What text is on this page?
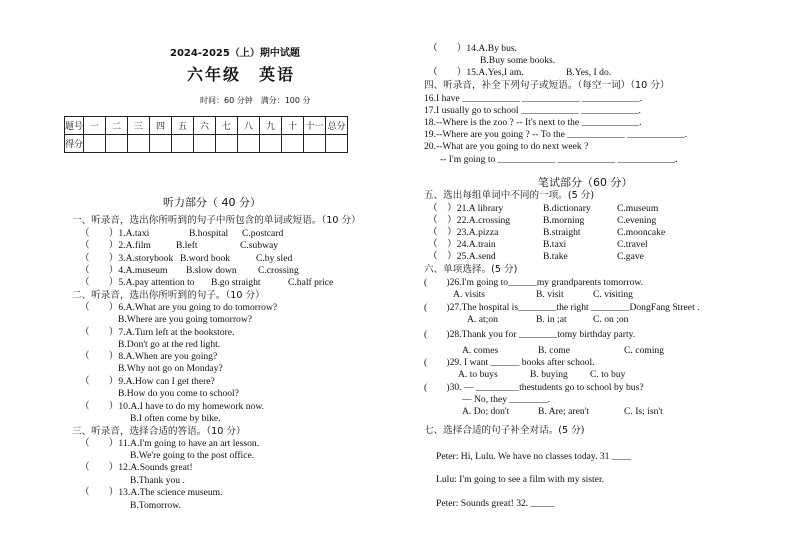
2024-2025（上）期中试题
六年级　英语
时间：60 分钟　满分：100 分
题号	一	二	三	四	五	六	七	八	九	十	十一	总分
得分												
听力部分（ 40 分）
一、听录音，选出你所听到的句子中所包含的单词或短语。（10 分）
（　　）1.A.taxi	B.hospital C.postcard
（　　）2.A.film	B.left	C.subway
（　　）3.A.storybook B.word book	C.by sled
（　　）4.A.museum B.slow down C.crossing
（　　）5.A.pay attention to B.go straight	C.half price
二、听录音，选出你所听到的句子。（10 分）
（　　）6.A.What are you going to do tomorrow?
B.Where are you going tomorrow?
（　　）7.A.Turn left at the bookstore.
B.Don't go at the red light.
（　　）8.A.When are you going?
B.Why not go on Monday?
（　　）9.A.How can I get there?
B.How do you come to school?
（　　）10.A.I have to do my homework now.
B.I often come by bike.
三、听录音，选择合适的答语。（10 分）
（　　）11.A.I'm going to have an art lesson.
B.We're going to the post office.
（　　）12.A.Sounds great!
B.Thank you .
（　　）13.A.The science museum.
B.Tomorrow.
（　　）14.A.By bus.
B.Buy some books.
（　　）15.A.Yes,I am.	B.Yes, I do.
四、听录音，补全下列句子或短语。（每空一词）（10 分）
16.I have ____________ ____________ ____________.
17.I usually go to school ____________ ____________.
18.--Where is the zoo ? -- It's next to the ____________.
19.--Where are you going ? -- To the ____________ ____________.
20.--What are you going to do next week ?
-- I'm going to ____________ ____________ ____________.
笔试部分（60 分）
五、选出每组单词中不同的一项。(5 分)
（　）21.A library	B.dictionary	C.museum
（　）22.A.crossing	B.morning	C.evening
（　）23.A.pizza	B.straight	C.mooncake
（　）24.A.train	B.taxi	C.travel
（　）25.A.send	B.take	C.gave
六、单项选择。(5 分)
(　　)26.I'm going to______my grandparents tomorrow.
A. visits	B. visit	C. visiting
(　　)27.The hospital is________the right ________DongFang Street .
A. at;on	B. in ;at	C. on ;on
(　　)28.Thank you for ________tomy birthday party.
A. comes	B. come	C. coming
(　　)29. I want ______ books after school.
A. to buys	B. buying C. to buy
(　　)30. — _________thestudents go to school by bus?
— No, they ________.
A. Do; don't	B. Are; aren't	C. Is; isn't
七、选择合适的句子补全对话。(5 分)
Peter: Hi, Lulu. We have no classes today. 31 ____
Lulu: I'm going to see a film with my sister.
Peter: Sounds great! 32. _____
